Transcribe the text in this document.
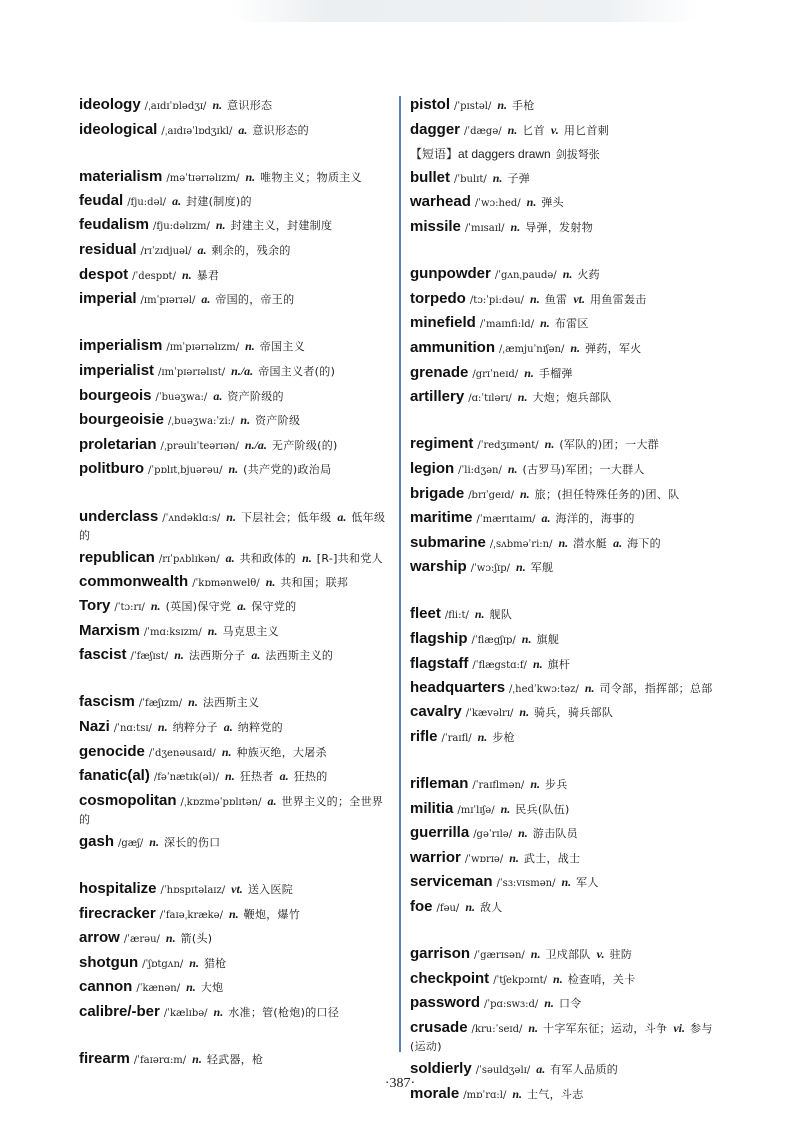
ideology /ˌaɪdɪˈɒlədʒɪ/ n. 意识形态
ideological /ˌaɪdɪəˈlɒdʒɪkl/ a. 意识形态的
materialism /məˈtɪərɪəlɪzm/ n. 唯物主义；物质主义
feudal /fju:dəl/ a. 封建(制度)的
feudalism /fju:dəlɪzm/ n. 封建主义，封建制度
residual /rɪˈzɪdjuəl/ a. 剩余的，残余的
despot /ˈdespɒt/ n. 暴君
imperial /ɪmˈpɪərɪəl/ a. 帝国的，帝王的
imperialism /ɪmˈpɪərɪəlɪzm/ n. 帝国主义
imperialist /ɪmˈpɪərɪəlɪst/ n./a. 帝国主义者(的)
bourgeois /ˈbuəʒwa:/ a. 资产阶级的
bourgeoisie /ˌbuəʒwa:ˈzi:/ n. 资产阶级
proletarian /ˌprəulɪˈteərɪən/ n./a. 无产阶级(的)
politburo /ˈpɒlɪtˌbjuərəu/ n. (共产党的)政治局
underclass /ˈʌndəklɑ:s/ n. 下层社会；低年级 a. 低年级的
republican /rɪˈpʌblɪkən/ a. 共和政体的 n. [R-]共和党人
commonwealth /ˈkɒmənwelθ/ n. 共和国；联邦
Tory /ˈtɔ:rɪ/ n. (英国)保守党 a. 保守党的
Marxism /ˈmɑ:ksɪzm/ n. 马克思主义
fascist /ˈfæʃɪst/ n. 法西斯分子 a. 法西斯主义的
fascism /ˈfæʃɪzm/ n. 法西斯主义
Nazi /ˈnɑ:tsɪ/ n. 纳粹分子 a. 纳粹党的
genocide /ˈdʒenəusaɪd/ n. 种族灭绝，大屠杀
fanatic(al) /fəˈnætɪk(əl)/ n. 狂热者 a. 狂热的
cosmopolitan /ˌkɒzməˈpɒlɪtən/ a. 世界主义的；全世界的
gash /gæʃ/ n. 深长的伤口
hospitalize /ˈhɒspɪtəlaɪz/ vt. 送入医院
firecracker /ˈfaɪəˌkrækə/ n. 鞭炮，爆竹
arrow /ˈærəu/ n. 箭(头)
shotgun /ˈʃɒtgʌn/ n. 猎枪
cannon /ˈkænən/ n. 大炮
calibre/-ber /ˈkælɪbə/ n. 水准；管(枪炮)的口径
firearm /ˈfaɪərɑ:m/ n. 轻武器，枪
pistol /ˈpɪstəl/ n. 手枪
dagger /ˈdægə/ n. 匕首 v. 用匕首刺
【短语】at daggers drawn 剑拔弩张
bullet /ˈbulɪt/ n. 子弹
warhead /ˈwɔ:hed/ n. 弹头
missile /ˈmɪsaɪl/ n. 导弹，发射物
gunpowder /ˈgʌnˌpaudə/ n. 火药
torpedo /tɔ:ˈpi:dəu/ n. 鱼雷 vt. 用鱼雷轰击
minefield /ˈmaɪnfi:ld/ n. 布雷区
ammunition /ˌæmjuˈnɪʃən/ n. 弹药，军火
grenade /grɪˈneɪd/ n. 手榴弹
artillery /ɑ:ˈtɪlərɪ/ n. 大炮；炮兵部队
regiment /ˈredʒɪmənt/ n. (军队的)团；一大群
legion /ˈli:dʒən/ n. (古罗马)军团；一大群人
brigade /brɪˈgeɪd/ n. 旅；(担任特殊任务的)团、队
maritime /ˈmærɪtaɪm/ a. 海洋的，海事的
submarine /ˌsʌbməˈri:n/ n. 潜水艇 a. 海下的
warship /ˈwɔ:ʃɪp/ n. 军舰
fleet /fli:t/ n. 舰队
flagship /ˈflægʃɪp/ n. 旗舰
flagstaff /ˈflægstɑ:f/ n. 旗杆
headquarters /ˌhedˈkwɔ:təz/ n. 司令部，指挥部；总部
cavalry /ˈkævəlrɪ/ n. 骑兵，骑兵部队
rifle /ˈraɪfl/ n. 步枪
rifleman /ˈraɪflmən/ n. 步兵
militia /mɪˈlɪʃə/ n. 民兵(队伍)
guerrilla /gəˈrɪlə/ n. 游击队员
warrior /ˈwɒrɪə/ n. 武士，战士
serviceman /ˈsɜ:vɪsmən/ n. 军人
foe /fəu/ n. 敌人
garrison /ˈgærɪsən/ n. 卫戍部队 v. 驻防
checkpoint /ˈtʃekpɔɪnt/ n. 检查哨，关卡
password /ˈpɑ:swɜ:d/ n. 口令
crusade /kru:ˈseɪd/ n. 十字军东征；运动，斗争 vi. 参与(运动)
soldierly /ˈsəuldʒəlɪ/ a. 有军人品质的
morale /mɒˈrɑ:l/ n. 士气，斗志
·387·
